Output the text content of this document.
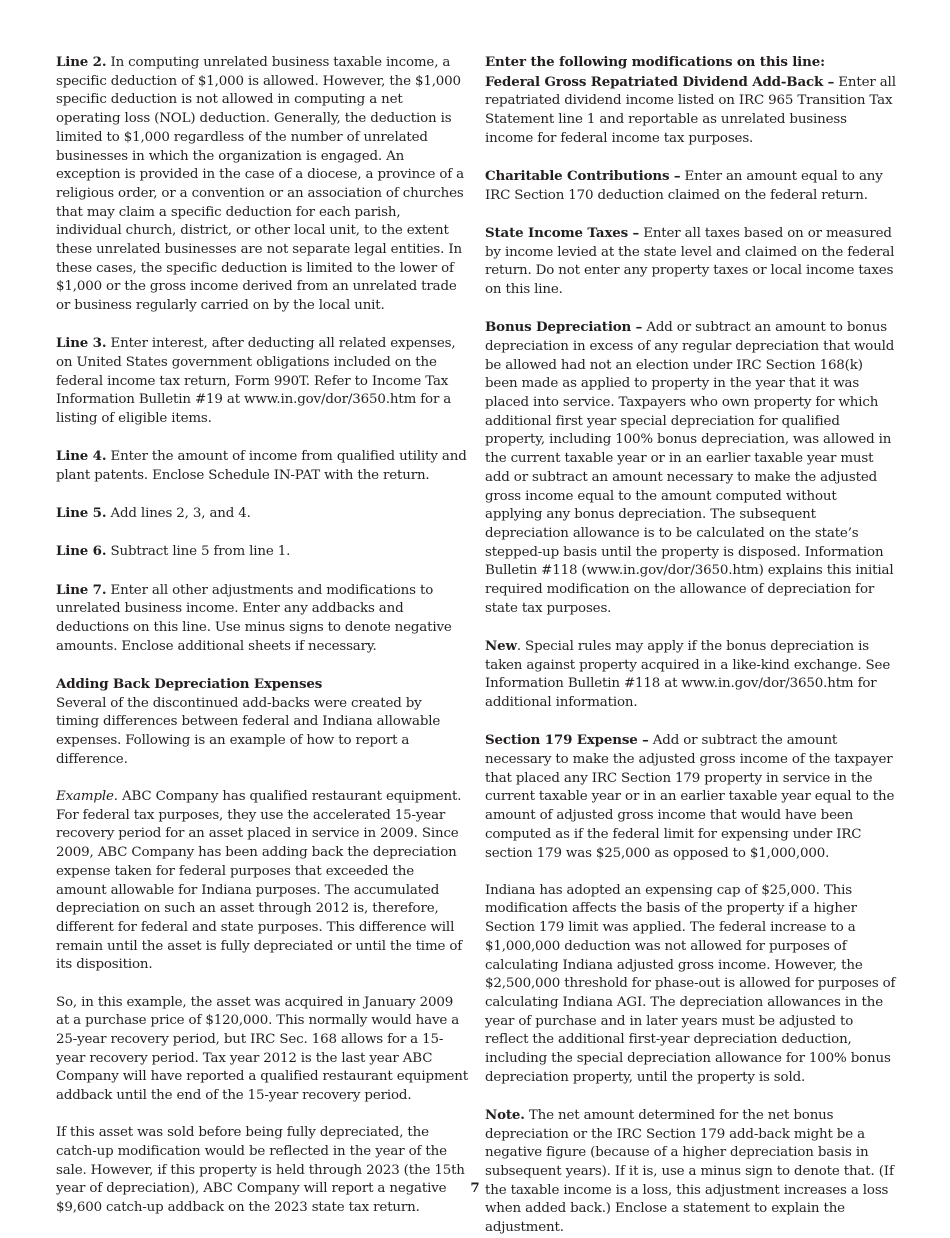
Line 2. In computing unrelated business taxable income, a specific deduction of $1,000 is allowed. However, the $1,000 specific deduction is not allowed in computing a net operating loss (NOL) deduction. Generally, the deduction is limited to $1,000 regardless of the number of unrelated businesses in which the organization is engaged. An exception is provided in the case of a diocese, a province of a religious order, or a convention or an association of churches that may claim a specific deduction for each parish, individual church, district, or other local unit, to the extent these unrelated businesses are not separate legal entities. In these cases, the specific deduction is limited to the lower of $1,000 or the gross income derived from an unrelated trade or business regularly carried on by the local unit.

Line 3. Enter interest, after deducting all related expenses, on United States government obligations included on the federal income tax return, Form 990T. Refer to Income Tax Information Bulletin #19 at www.in.gov/dor/3650.htm for a listing of eligible items.

Line 4. Enter the amount of income from qualified utility and plant patents. Enclose Schedule IN-PAT with the return.

Line 5. Add lines 2, 3, and 4.

Line 6. Subtract line 5 from line 1.

Line 7. Enter all other adjustments and modifications to unrelated business income. Enter any addbacks and deductions on this line. Use minus signs to denote negative amounts. Enclose additional sheets if necessary.

Adding Back Depreciation Expenses
Several of the discontinued add-backs were created by timing differences between federal and Indiana allowable expenses. Following is an example of how to report a difference.

Example. ABC Company has qualified restaurant equipment. For federal tax purposes, they use the accelerated 15-year recovery period for an asset placed in service in 2009. Since 2009, ABC Company has been adding back the depreciation expense taken for federal purposes that exceeded the amount allowable for Indiana purposes. The accumulated depreciation on such an asset through 2012 is, therefore, different for federal and state purposes. This difference will remain until the asset is fully depreciated or until the time of its disposition.

So, in this example, the asset was acquired in January 2009 at a purchase price of $120,000. This normally would have a 25-year recovery period, but IRC Sec. 168 allows for a 15-year recovery period. Tax year 2012 is the last year ABC Company will have reported a qualified restaurant equipment addback until the end of the 15-year recovery period.

If this asset was sold before being fully depreciated, the catch-up modification would be reflected in the year of the sale. However, if this property is held through 2023 (the 15th year of depreciation), ABC Company will report a negative $9,600 catch-up addback on the 2023 state tax return.

Enter the following modifications on this line:
Federal Gross Repatriated Dividend Add-Back – Enter all repatriated dividend income listed on IRC 965 Transition Tax Statement line 1 and reportable as unrelated business income for federal income tax purposes.

Charitable Contributions – Enter an amount equal to any IRC Section 170 deduction claimed on the federal return.

State Income Taxes – Enter all taxes based on or measured by income levied at the state level and claimed on the federal return. Do not enter any property taxes or local income taxes on this line.

Bonus Depreciation – Add or subtract an amount to bonus depreciation in excess of any regular depreciation that would be allowed had not an election under IRC Section 168(k) been made as applied to property in the year that it was placed into service. Taxpayers who own property for which additional first year special depreciation for qualified property, including 100% bonus depreciation, was allowed in the current taxable year or in an earlier taxable year must add or subtract an amount necessary to make the adjusted gross income equal to the amount computed without applying any bonus depreciation. The subsequent depreciation allowance is to be calculated on the state’s stepped-up basis until the property is disposed. Information Bulletin #118 (www.in.gov/dor/3650.htm) explains this initial required modification on the allowance of depreciation for state tax purposes.

New. Special rules may apply if the bonus depreciation is taken against property acquired in a like-kind exchange. See Information Bulletin #118 at www.in.gov/dor/3650.htm for additional information.

Section 179 Expense – Add or subtract the amount necessary to make the adjusted gross income of the taxpayer that placed any IRC Section 179 property in service in the current taxable year or in an earlier taxable year equal to the amount of adjusted gross income that would have been computed as if the federal limit for expensing under IRC section 179 was $25,000 as opposed to $1,000,000.

Indiana has adopted an expensing cap of $25,000. This modification affects the basis of the property if a higher Section 179 limit was applied. The federal increase to a $1,000,000 deduction was not allowed for purposes of calculating Indiana adjusted gross income. However, the $2,500,000 threshold for phase-out is allowed for purposes of calculating Indiana AGI. The depreciation allowances in the year of purchase and in later years must be adjusted to reflect the additional first-year depreciation deduction, including the special depreciation allowance for 100% bonus depreciation property, until the property is sold.

Note. The net amount determined for the net bonus depreciation or the IRC Section 179 add-back might be a negative figure (because of a higher depreciation basis in subsequent years). If it is, use a minus sign to denote that. (If the taxable income is a loss, this adjustment increases a loss when added back.) Enclose a statement to explain the adjustment.

7
